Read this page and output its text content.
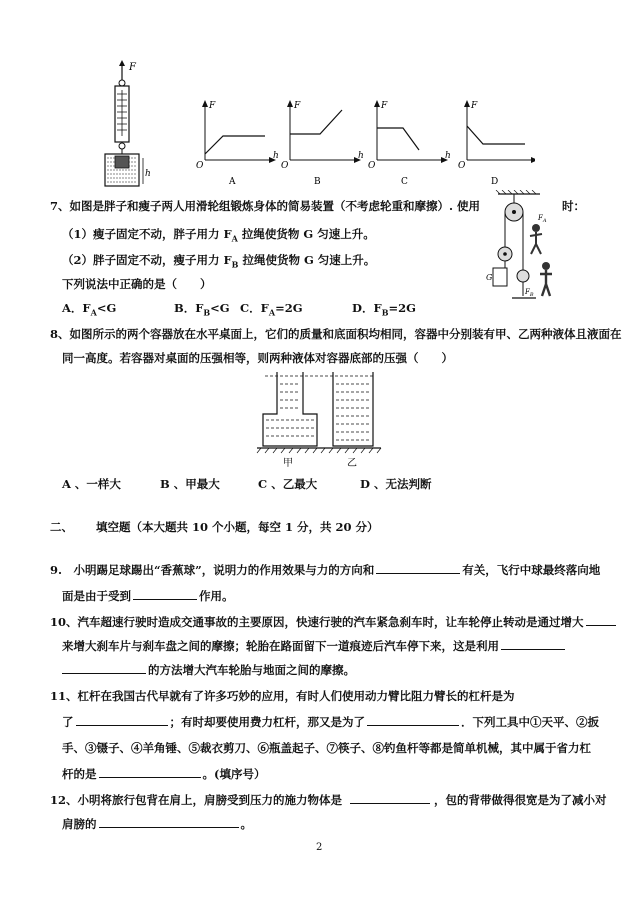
F
h
F
h
O
A
F
h
O
B
F
h
O
C
F
O
D
G
$F_A$
$F_B$
7、如图是胖子和瘦子两人用滑轮组锻炼身体的简易装置（不考虑轮重和摩擦）. 使用	时：
（1）瘦子固定不动，胖子用力 $F_A$ 拉绳使货物 G 匀速上升。
（2）胖子固定不动，瘦子用力 $F_B$ 拉绳使货物 G 匀速上升。
下列说法中正确的是（　　）
A．$F_A<G$	B．$F_B<G$ C．$F_A=2G$	D．$F_B=2G$
8、如图所示的两个容器放在水平桌面上，它们的质量和底面积均相同，容器中分别装有甲、乙两种液体且液面在
同一高度。若容器对桌面的压强相等，则两种液体对容器底部的压强（　　）
甲	乙
A 、一样大	B 、甲最大	C 、乙最大	D 、无法判断
二、 填空题（本大题共 10 个小题，每空 1 分，共 20 分）
9.　小明踢足球踢出“香蕉球”，说明力的作用效果与力的方向和	有关，飞行中球最终落向地
面是由于受到	作用。
10、汽车超速行驶时造成交通事故的主要原因，快速行驶的汽车紧急刹车时，让车轮停止转动是通过增大
来增大刹车片与刹车盘之间的摩擦；轮胎在路面留下一道痕迹后汽车停下来，这是利用
的方法增大汽车轮胎与地面之间的摩擦。
11、杠杆在我国古代早就有了许多巧妙的应用，有时人们使用动力臂比阻力臂长的杠杆是为
了	；有时却要使用费力杠杆，那又是为了	．下列工具中①天平、②扳
手、③镊子、④羊角锤、⑤裁衣剪刀、⑥瓶盖起子、⑦筷子、⑧钓鱼杆等都是简单机械，其中属于省力杠
杆的是	。(填序号）
12、小明将旅行包背在肩上，肩膀受到压力的施力物体是	，包的背带做得很宽是为了减小对
肩膀的	。
2
